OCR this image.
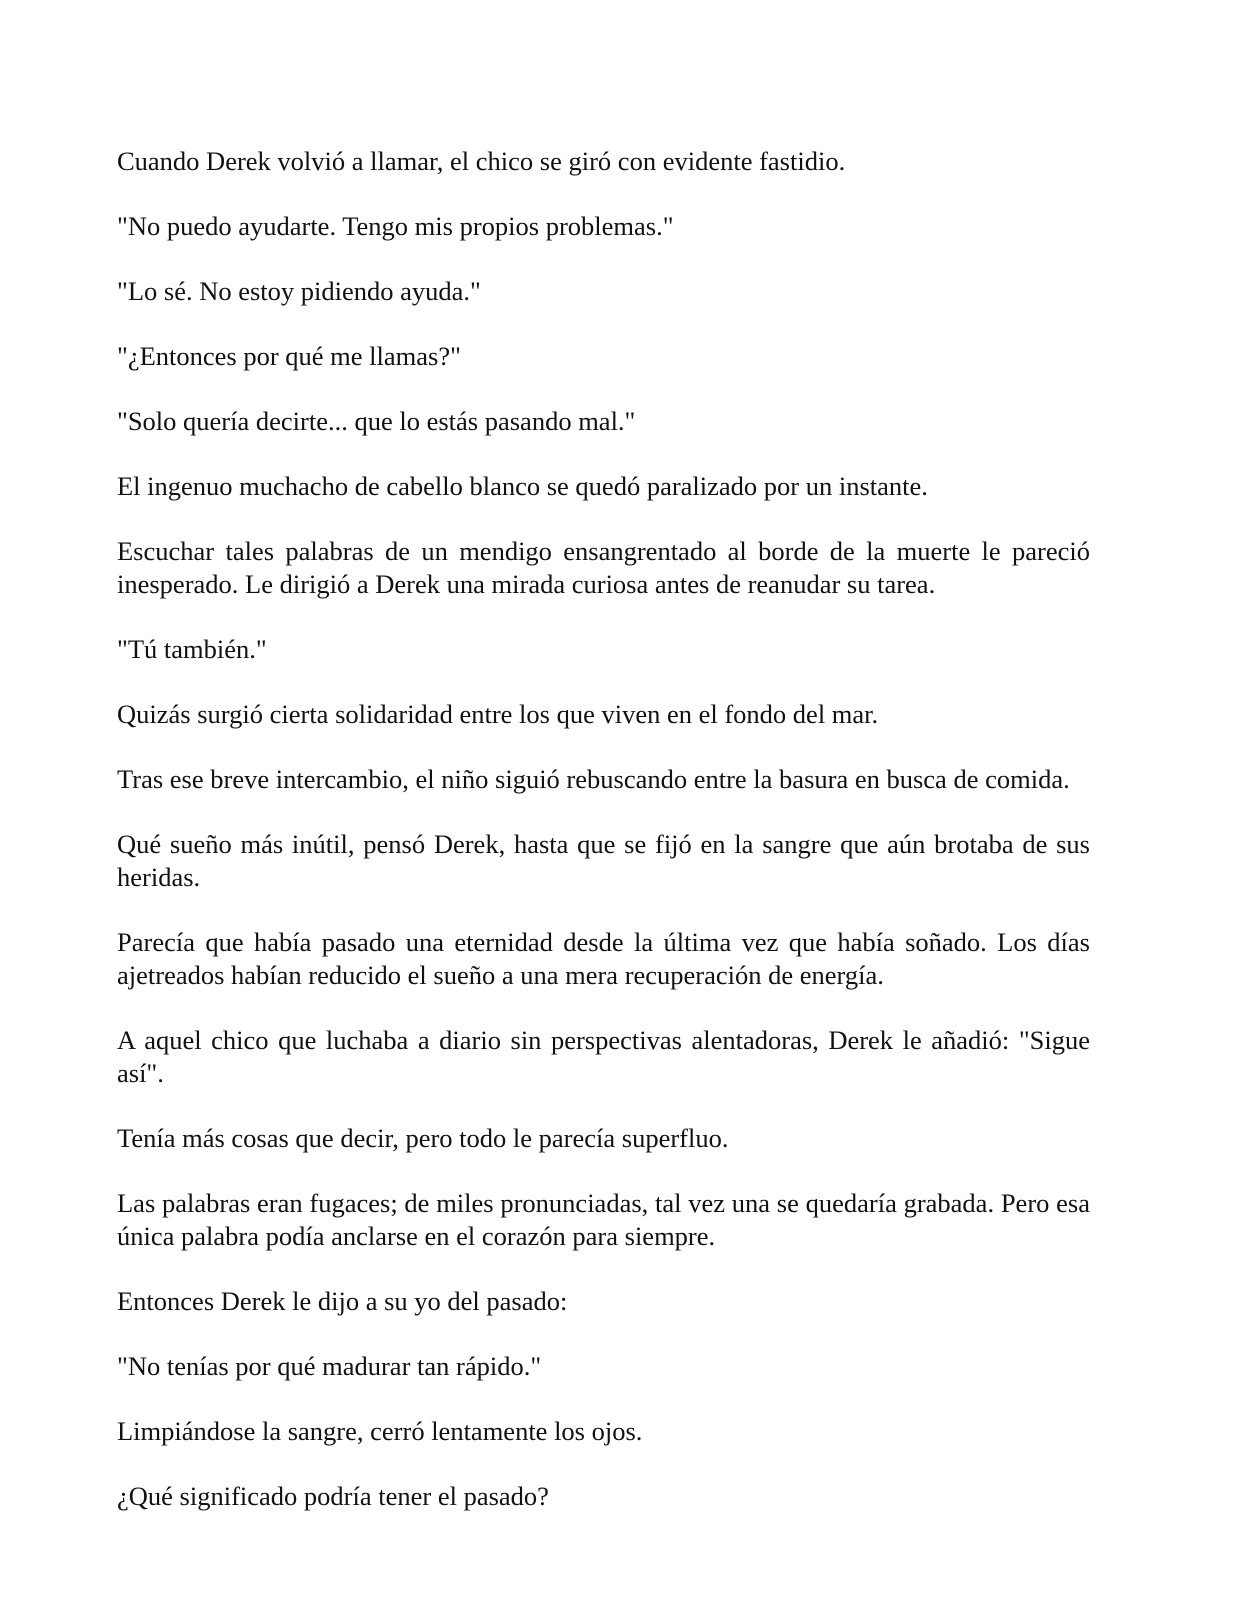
Cuando Derek volvió a llamar, el chico se giró con evidente fastidio.

"No puedo ayudarte. Tengo mis propios problemas."

"Lo sé. No estoy pidiendo ayuda."

"¿Entonces por qué me llamas?"

"Solo quería decirte... que lo estás pasando mal."

El ingenuo muchacho de cabello blanco se quedó paralizado por un instante.

Escuchar tales palabras de un mendigo ensangrentado al borde de la muerte le pareció inesperado. Le dirigió a Derek una mirada curiosa antes de reanudar su tarea.

"Tú también."

Quizás surgió cierta solidaridad entre los que viven en el fondo del mar.

Tras ese breve intercambio, el niño siguió rebuscando entre la basura en busca de comida.

Qué sueño más inútil, pensó Derek, hasta que se fijó en la sangre que aún brotaba de sus heridas.

Parecía que había pasado una eternidad desde la última vez que había soñado. Los días ajetreados habían reducido el sueño a una mera recuperación de energía.

A aquel chico que luchaba a diario sin perspectivas alentadoras, Derek le añadió: "Sigue así".

Tenía más cosas que decir, pero todo le parecía superfluo.

Las palabras eran fugaces; de miles pronunciadas, tal vez una se quedaría grabada. Pero esa única palabra podía anclarse en el corazón para siempre.

Entonces Derek le dijo a su yo del pasado:

"No tenías por qué madurar tan rápido."

Limpiándose la sangre, cerró lentamente los ojos.

¿Qué significado podría tener el pasado?
